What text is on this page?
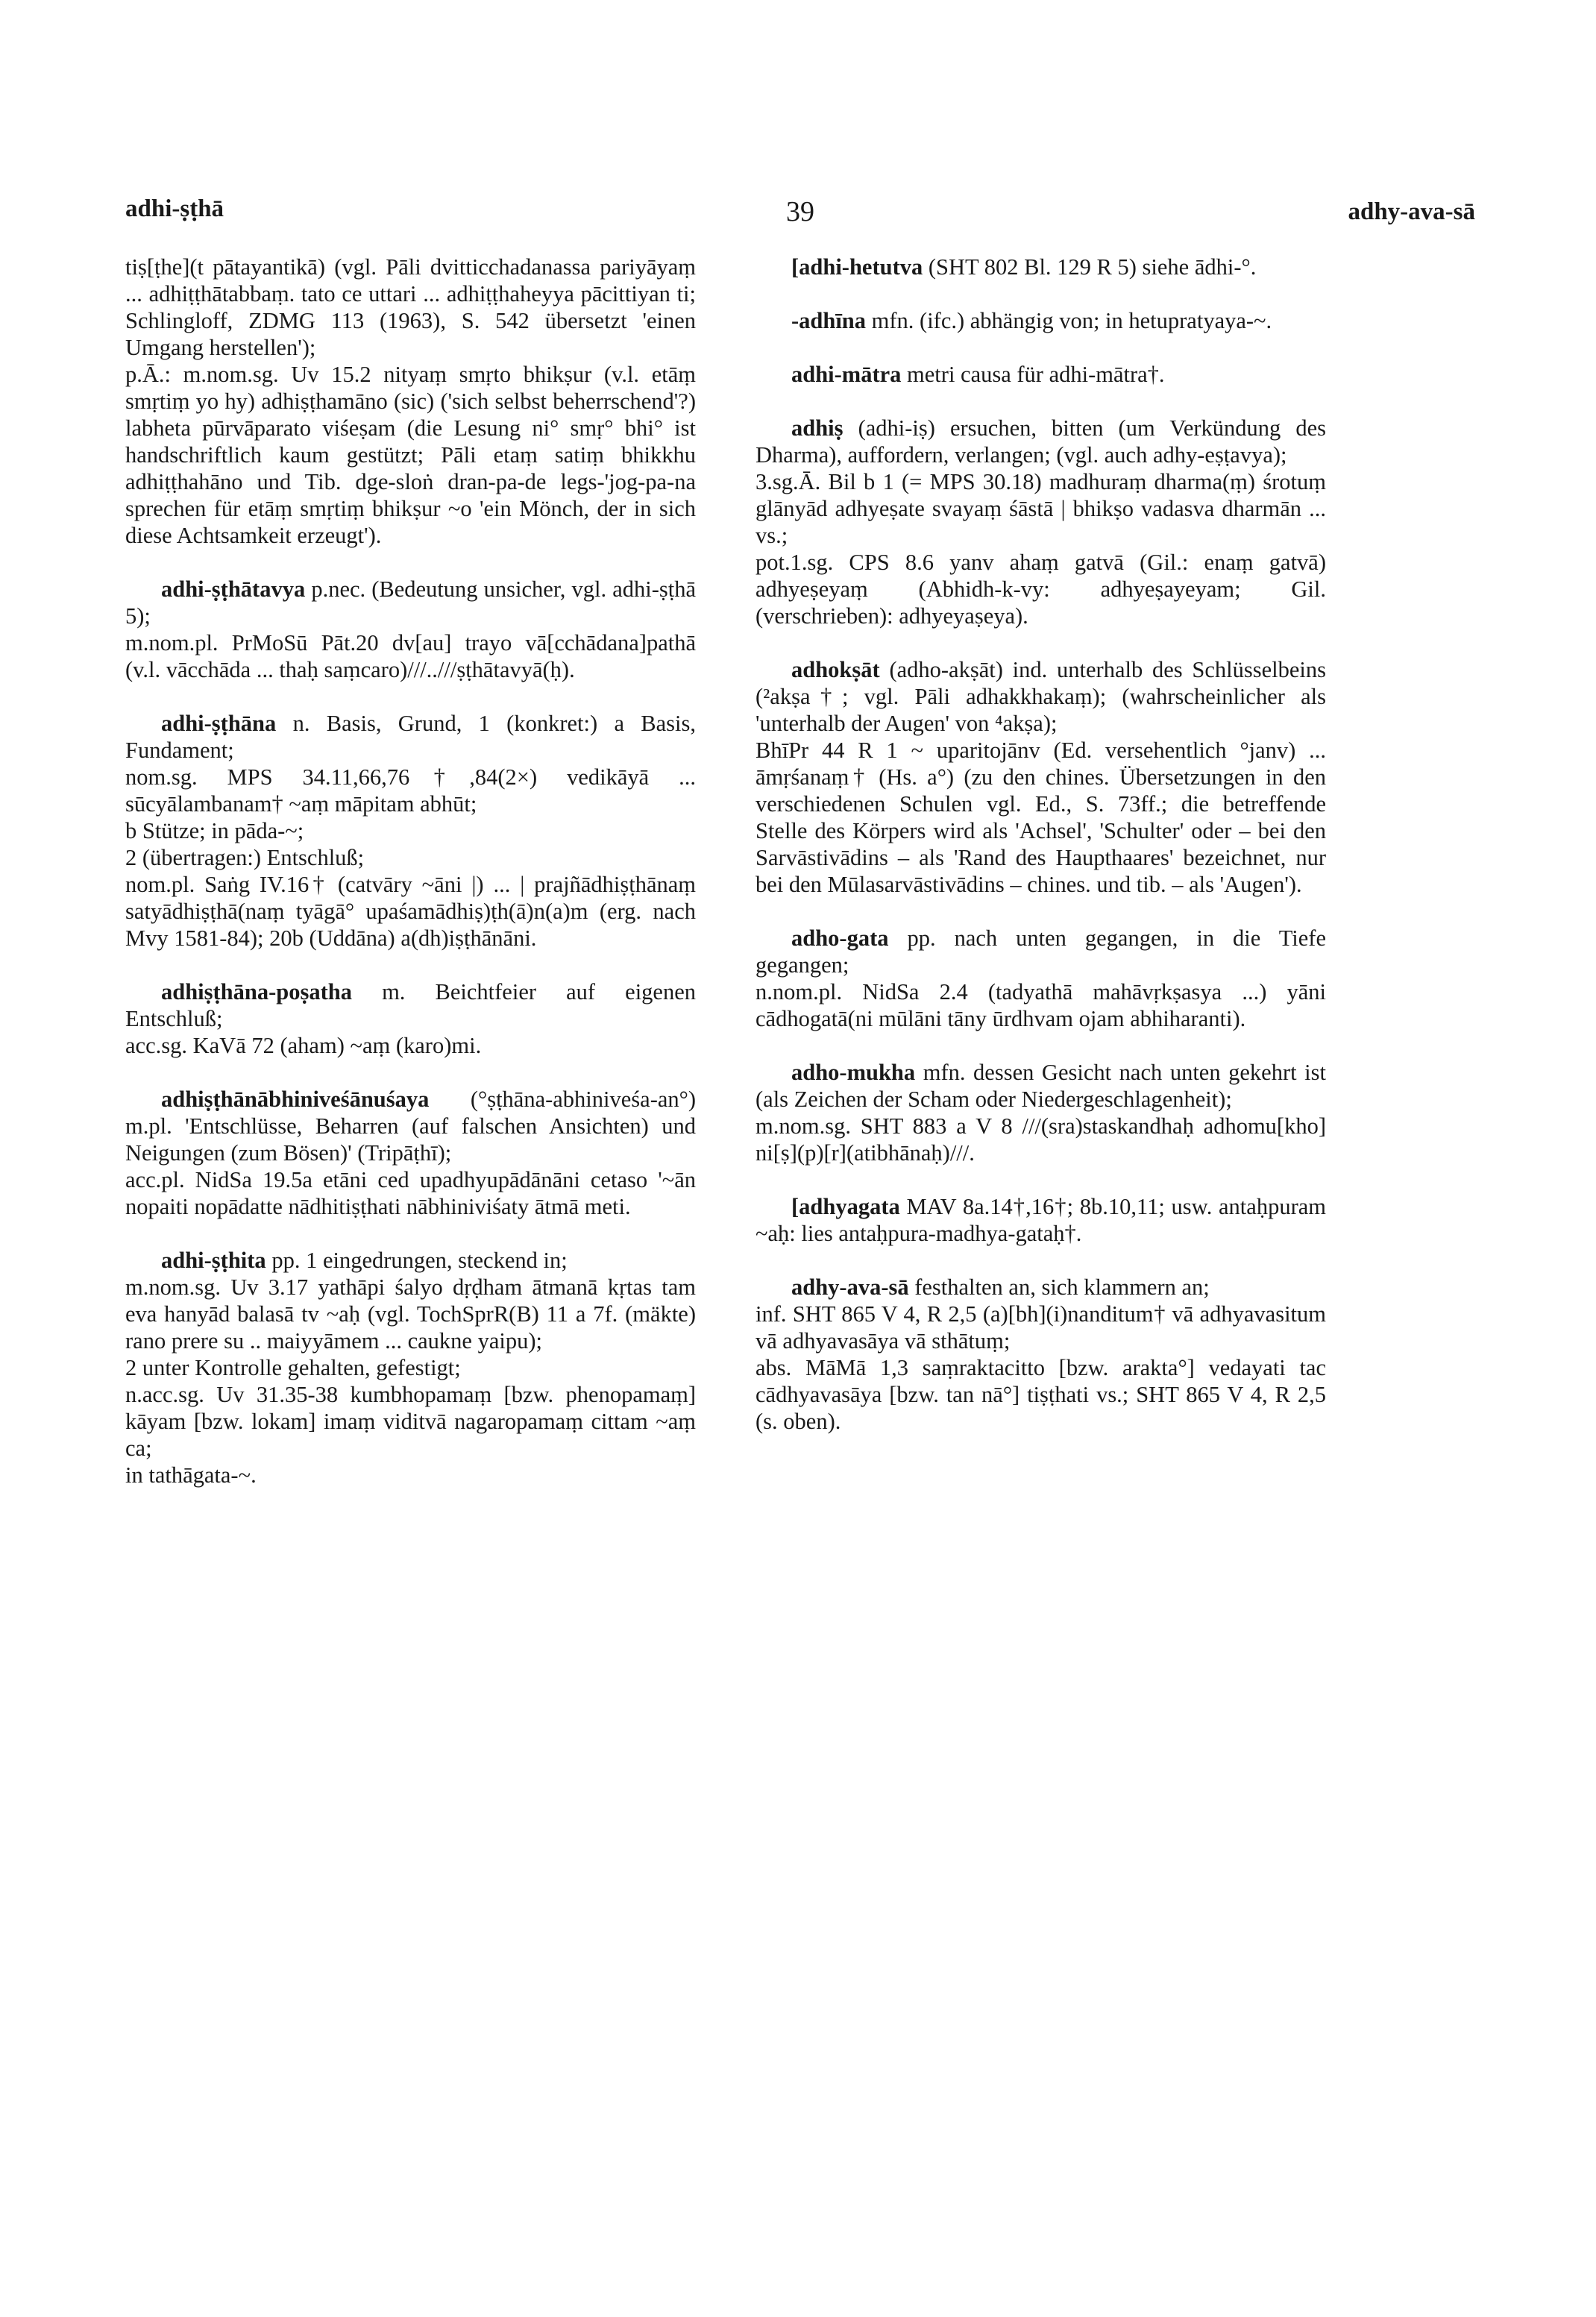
adhi-ṣṭhā	39	adhy-ava-sā

tiṣ[ṭhe](t pātayantikā) (vgl. Pāli dvitticchadanassa pariyāyaṃ ... adhiṭṭhātabbaṃ. tato ce uttari ... adhiṭṭhaheyya pācittiyan ti; Schlingloff, ZDMG 113 (1963), S. 542 übersetzt 'einen Umgang herstellen');

p.Ā.: m.nom.sg. Uv 15.2 nityaṃ smṛto bhikṣur (v.l. etāṃ smṛtiṃ yo hy) adhiṣṭhamāno (sic) ('sich selbst beherrschend'?) labheta pūrvāparato viśeṣam (die Lesung ni° smṛ° bhi° ist handschriftlich kaum gestützt; Pāli etaṃ satiṃ bhikkhu adhiṭṭhahāno und Tib. dge-sloṅ dran-pa-de legs-'jog-pa-na sprechen für etāṃ smṛtiṃ bhikṣur ~o 'ein Mönch, der in sich diese Achtsamkeit erzeugt').

adhi-ṣṭhātavya p.nec. (Bedeutung unsicher, vgl. adhi-ṣṭhā 5);

m.nom.pl. PrMoSū Pāt.20 dv[au] trayo vā[cchādana]pathā (v.l. vācchāda ... thaḥ saṃcaro)///..///ṣṭhātavyā(ḥ).

adhi-ṣṭhāna n. Basis, Grund, 1 (konkret:) a Basis, Fundament;

nom.sg. MPS 34.11,66,76†,84(2×) vedikāyā ... sūcyālambanam† ~aṃ māpitam abhūt;

b Stütze; in pāda-~;

2 (übertragen:) Entschluß;

nom.pl. Saṅg IV.16† (catvāry ~āni |) ... | prajñādhiṣṭhānaṃ satyādhiṣṭhā(naṃ tyāgā° upaśamādhiṣ)ṭh(ā)n(a)m (erg. nach Mvy 1581-84); 20b (Uddāna) a(dh)iṣṭhānāni.

adhiṣṭhāna-poṣatha m. Beichtfeier auf eigenen Entschluß;

acc.sg. KaVā 72 (aham) ~aṃ (karo)mi.

adhiṣṭhānābhiniveśānuśaya (°ṣṭhāna-abhiniveśa-an°) m.pl. 'Entschlüsse, Beharren (auf falschen Ansichten) und Neigungen (zum Bösen)' (Tripāṭhī);

acc.pl. NidSa 19.5a etāni ced upadhyupādānāni cetaso '~ān nopaiti nopādatte nādhitiṣṭhati nābhiniviśaty ātmā meti.

adhi-ṣṭhita pp. 1 eingedrungen, steckend in;

m.nom.sg. Uv 3.17 yathāpi śalyo dṛḍham ātmanā kṛtas tam eva hanyād balasā tv ~aḥ (vgl. TochSprR(B) 11 a 7f. (mäkte) rano prere su .. maiyyāmem ... caukne yaipu);

2 unter Kontrolle gehalten, gefestigt;

n.acc.sg. Uv 31.35-38 kumbhopamaṃ [bzw. phenopamaṃ] kāyam [bzw. lokam] imaṃ viditvā nagaropamaṃ cittam ~aṃ ca;

in tathāgata-~.

[adhi-hetutva (SHT 802 Bl. 129 R 5) siehe ādhi-°.

-adhīna mfn. (ifc.) abhängig von; in hetupratyaya-~.

adhi-mātra metri causa für adhi-mātra†.

adhiṣ (adhi-iṣ) ersuchen, bitten (um Verkündung des Dharma), auffordern, verlangen; (vgl. auch adhy-eṣṭavya);

3.sg.Ā. Bil b 1 (= MPS 30.18) madhuraṃ dharma(ṃ) śrotuṃ glānyād adhyeṣate svayaṃ śāstā | bhikṣo vadasva dharmān ... vs.;

pot.1.sg. CPS 8.6 yanv ahaṃ gatvā (Gil.: enaṃ gatvā) adhyeṣeyaṃ (Abhidh-k-vy: adhyeṣayeyam; Gil. (verschrieben): adhyeyaṣeya).

adhokṣāt (adho-akṣāt) ind. unterhalb des Schlüsselbeins (²akṣa†; vgl. Pāli adhakkhakaṃ); (wahrscheinlicher als 'unterhalb der Augen' von ⁴akṣa);

BhīPr 44 R 1 ~ uparitojānv (Ed. versehentlich °janv) ... āmṛśanaṃ† (Hs. a°) (zu den chines. Übersetzungen in den verschiedenen Schulen vgl. Ed., S. 73ff.; die betreffende Stelle des Körpers wird als 'Achsel', 'Schulter' oder – bei den Sarvāstivādins – als 'Rand des Haupthaares' bezeichnet, nur bei den Mūlasarvāstivādins – chines. und tib. – als 'Augen').

adho-gata pp. nach unten gegangen, in die Tiefe gegangen;

n.nom.pl. NidSa 2.4 (tadyathā mahāvṛkṣasya ...) yāni cādhogatā(ni mūlāni tāny ūrdhvam ojam abhiharanti).

adho-mukha mfn. dessen Gesicht nach unten gekehrt ist (als Zeichen der Scham oder Niedergeschlagenheit);

m.nom.sg. SHT 883 a V 8 ///(sra)staskandhaḥ adhomu[kho] ni[ṣ](p)[r](atibhānaḥ)///.

[adhyagata MAV 8a.14†,16†; 8b.10,11; usw. antaḥpuram ~aḥ: lies antaḥpura-madhya-gataḥ†.

adhy-ava-sā festhalten an, sich klammern an;

inf. SHT 865 V 4, R 2,5 (a)[bh](i)nanditum† vā adhyavasitum vā adhyavasāya vā sthātuṃ;

abs. MāMā 1,3 saṃraktacitto [bzw. arakta°] vedayati tac cādhyavasāya [bzw. tan nā°] tiṣṭhati vs.; SHT 865 V 4, R 2,5 (s. oben).
